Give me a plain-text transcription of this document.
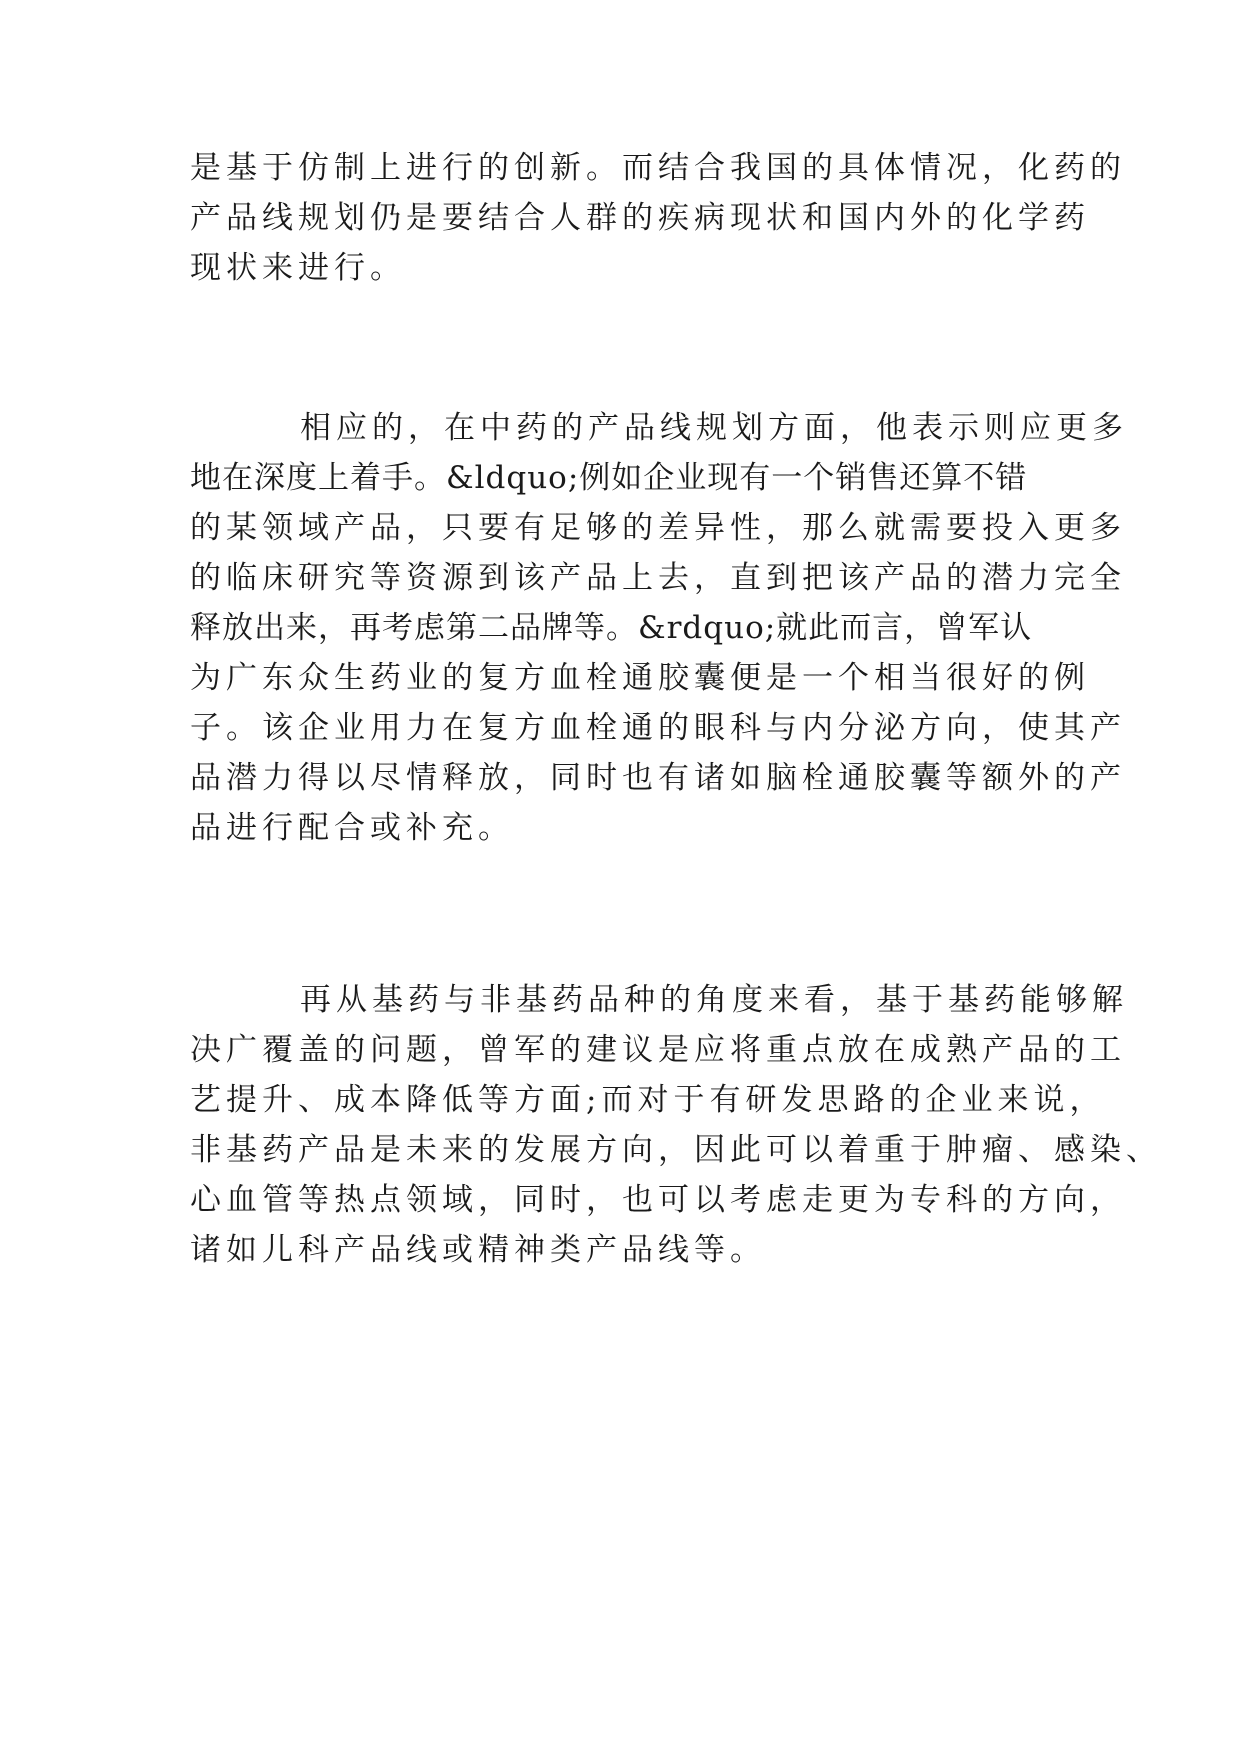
是基于仿制上进行的创新。而结合我国的具体情况，化药的

产品线规划仍是要结合人群的疾病现状和国内外的化学药

现状来进行。

相应的，在中药的产品线规划方面，他表示则应更多

地在深度上着手。&ldquo;例如企业现有一个销售还算不错

的某领域产品，只要有足够的差异性，那么就需要投入更多

的临床研究等资源到该产品上去，直到把该产品的潜力完全

释放出来，再考虑第二品牌等。&rdquo;就此而言，曾军认

为广东众生药业的复方血栓通胶囊便是一个相当很好的例

子。该企业用力在复方血栓通的眼科与内分泌方向，使其产

品潜力得以尽情释放，同时也有诸如脑栓通胶囊等额外的产

品进行配合或补充。

再从基药与非基药品种的角度来看，基于基药能够解

决广覆盖的问题，曾军的建议是应将重点放在成熟产品的工

艺提升、成本降低等方面;而对于有研发思路的企业来说，

非基药产品是未来的发展方向，因此可以着重于肿瘤、感染、

心血管等热点领域，同时，也可以考虑走更为专科的方向，

诸如儿科产品线或精神类产品线等。
